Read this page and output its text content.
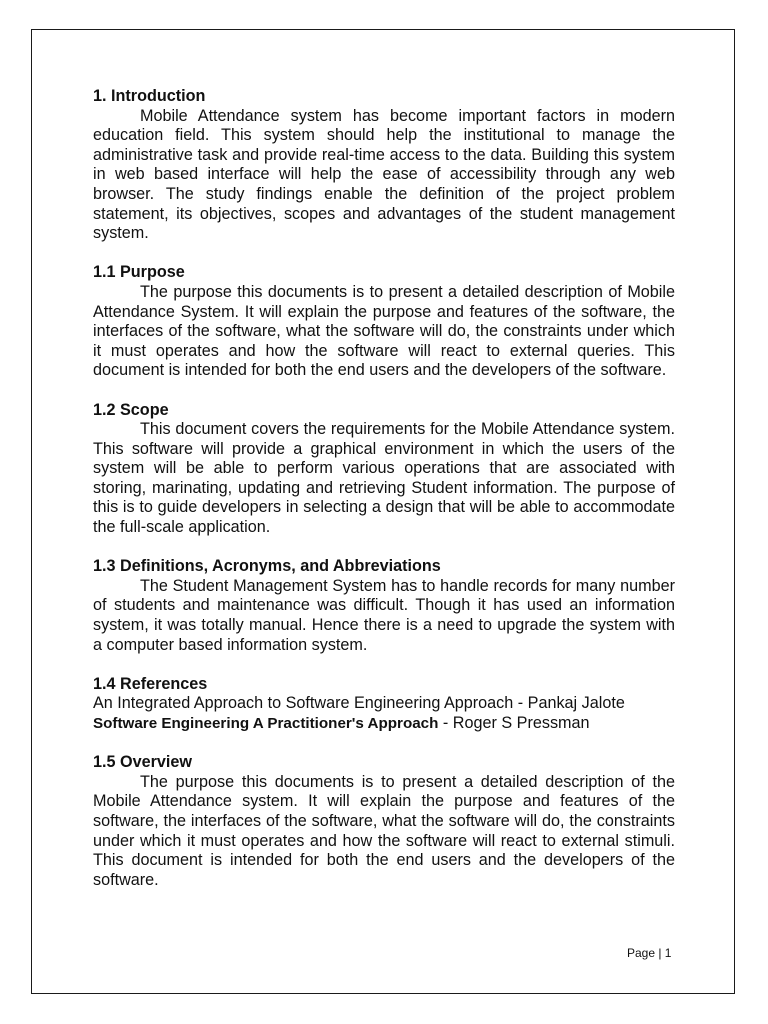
1. Introduction

Mobile Attendance system has become important factors in modern education field. This system should help the institutional to manage the administrative task and provide real-time access to the data. Building this system in web based interface will help the ease of accessibility through any web browser. The study findings enable the definition of the project problem statement, its objectives, scopes and advantages of the student management system.

1.1 Purpose

The purpose this documents is to present a detailed description of Mobile Attendance System. It will explain the purpose and features of the software, the interfaces of the software, what the software will do, the constraints under which it must operates and how the software will react to external queries. This document is intended for both the end users and the developers of the software.

1.2 Scope

This document covers the requirements for the Mobile Attendance system. This software will provide a graphical environment in which the users of the system will be able to perform various operations that are associated with storing, marinating, updating and retrieving Student information. The purpose of this is to guide developers in selecting a design that will be able to accommodate the full-scale application.

1.3 Definitions, Acronyms, and Abbreviations

The Student Management System has to handle records for many number of students and maintenance was difficult. Though it has used an information system, it was totally manual. Hence there is a need to upgrade the system with a computer based information system.

1.4 References

An Integrated Approach to Software Engineering Approach - Pankaj Jalote

Software Engineering A Practitioner's Approach - Roger S Pressman

1.5 Overview

The purpose this documents is to present a detailed description of the Mobile Attendance system. It will explain the purpose and features of the software, the interfaces of the software, what the software will do, the constraints under which it must operates and how the software will react to external stimuli. This document is intended for both the end users and the developers of the software.

Page | 1
